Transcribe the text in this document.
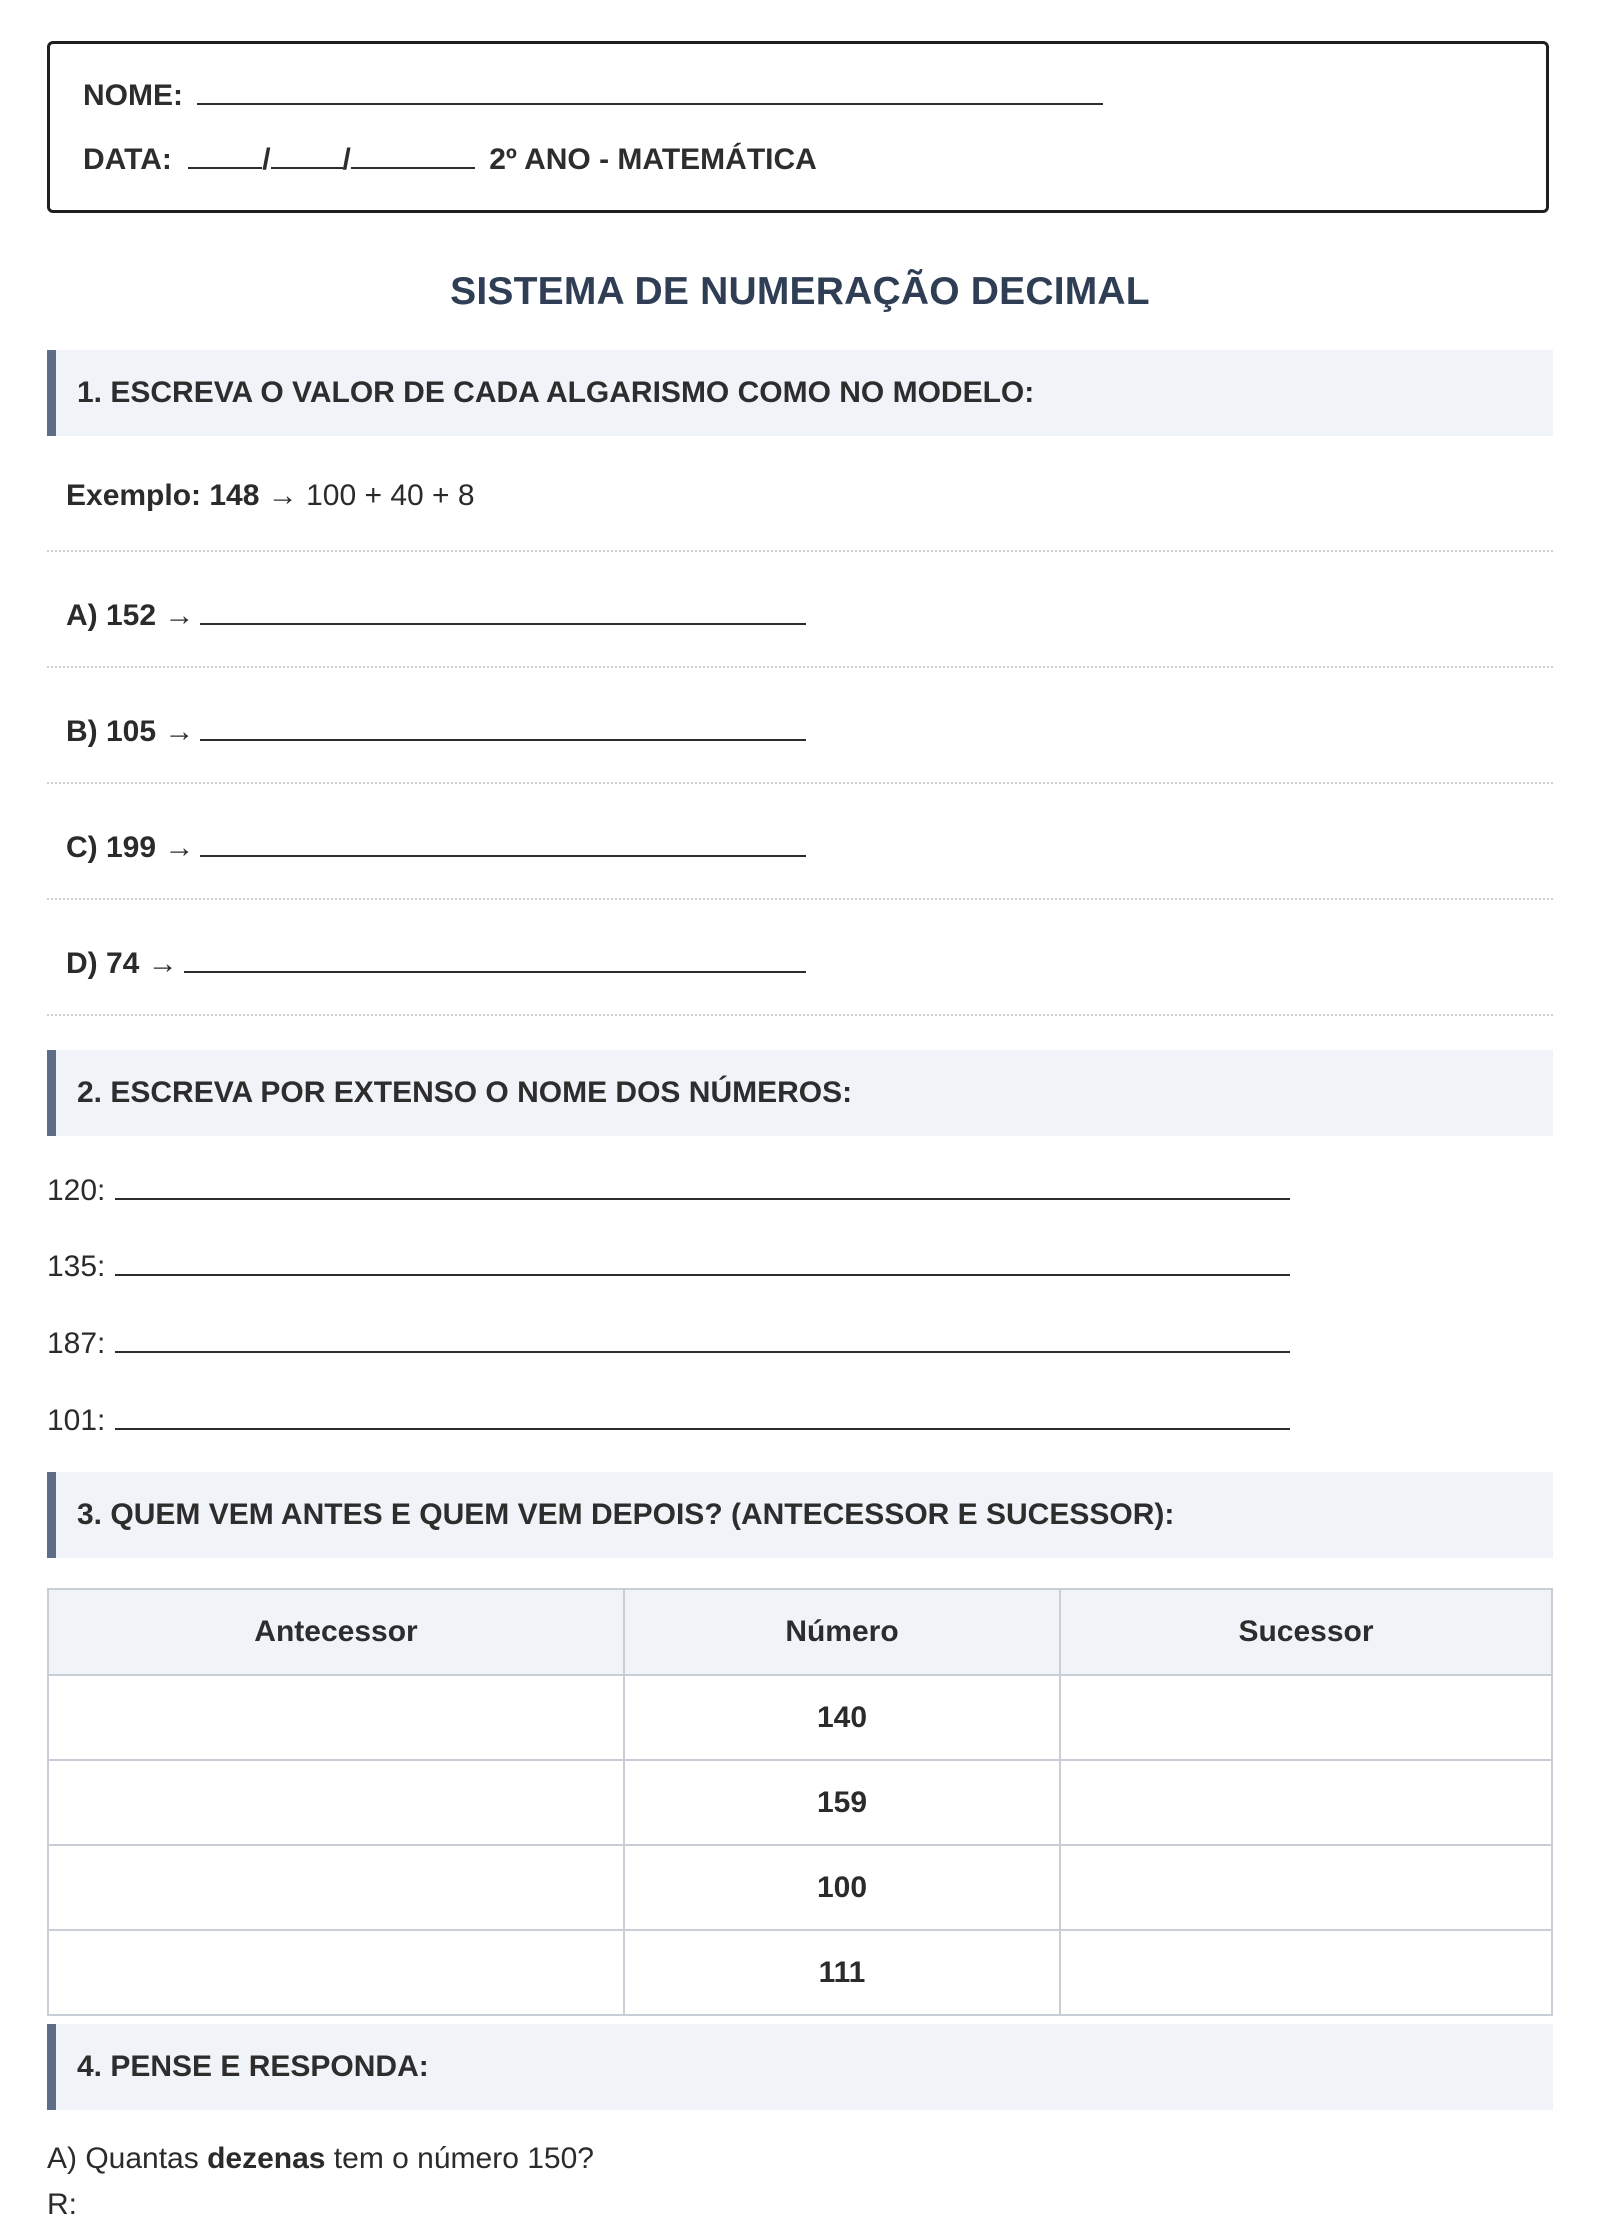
NOME:
DATA:	/ /	2º ANO - MATEMÁTICA
SISTEMA DE NUMERAÇÃO DECIMAL
1. ESCREVA O VALOR DE CADA ALGARISMO COMO NO MODELO:
Exemplo: 148 → 100 + 40 + 8
A) 152 →
B) 105 →
C) 199 →
D) 74 →
2. ESCREVA POR EXTENSO O NOME DOS NÚMEROS:
120:
135:
187:
101:
3. QUEM VEM ANTES E QUEM VEM DEPOIS? (ANTECESSOR E SUCESSOR):
Antecessor	Número	Sucessor
	140	
	159	
	100	
	111	
4. PENSE E RESPONDA:
A) Quantas dezenas tem o número 150?
R:
